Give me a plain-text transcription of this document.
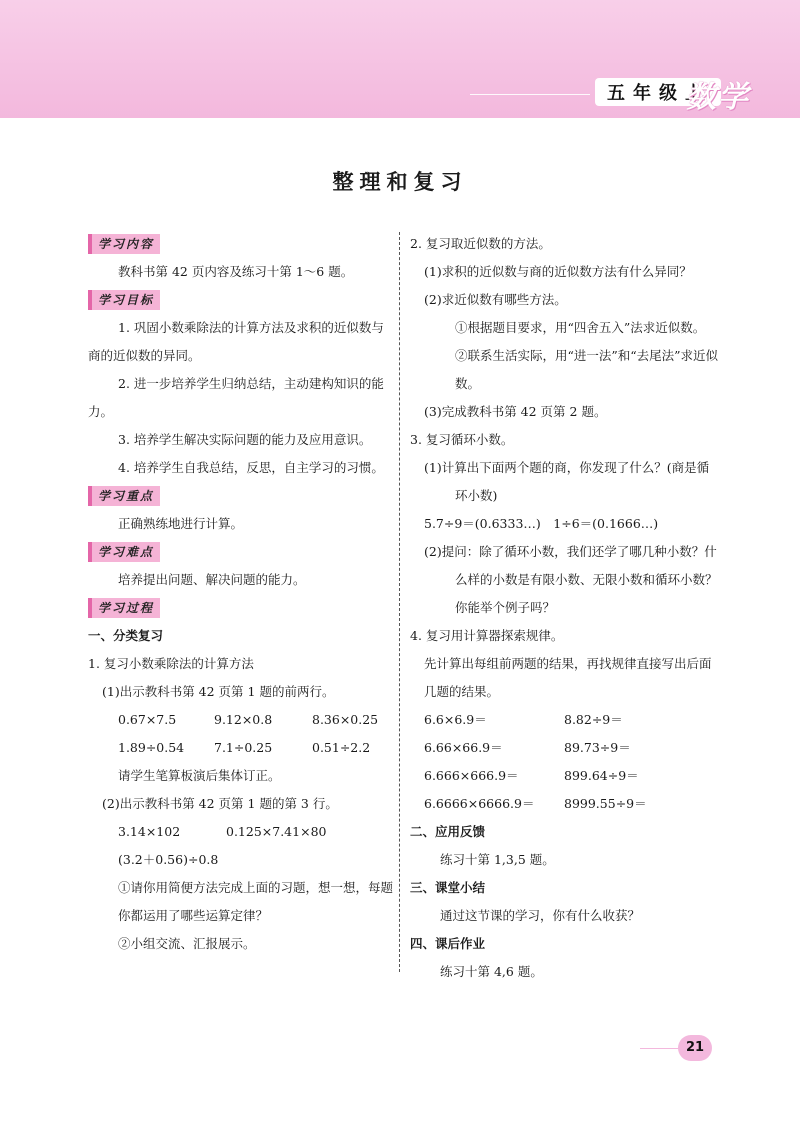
五年级上
数学
整理和复习
学习内容
教科书第 42 页内容及练习十第 1～6 题。
学习目标
1. 巩固小数乘除法的计算方法及求积的近似数与
商的近似数的异同。
2. 进一步培养学生归纳总结，主动建构知识的能
力。
3. 培养学生解决实际问题的能力及应用意识。
4. 培养学生自我总结，反思，自主学习的习惯。
学习重点
正确熟练地进行计算。
学习难点
培养提出问题、解决问题的能力。
学习过程
一、分类复习
1. 复习小数乘除法的计算方法
(1)出示教科书第 42 页第 1 题的前两行。
0.67×7.5	9.12×0.8	8.36×0.25
1.89÷0.54	7.1÷0.25	0.51÷2.2
请学生笔算板演后集体订正。
(2)出示教科书第 42 页第 1 题的第 3 行。
3.14×102	0.125×7.41×80
(3.2＋0.56)÷0.8
①请你用简便方法完成上面的习题，想一想，每题
你都运用了哪些运算定律？
②小组交流、汇报展示。
2. 复习取近似数的方法。
(1)求积的近似数与商的近似数方法有什么异同？
(2)求近似数有哪些方法。
①根据题目要求，用“四舍五入”法求近似数。
②联系生活实际，用“进一法”和“去尾法”求近似
数。
(3)完成教科书第 42 页第 2 题。
3. 复习循环小数。
(1)计算出下面两个题的商，你发现了什么？(商是循
环小数)
5.7÷9＝(0.6333…)　1÷6＝(0.1666…)
(2)提问：除了循环小数，我们还学了哪几种小数？什
么样的小数是有限小数、无限小数和循环小数？
你能举个例子吗？
4. 复习用计算器探索规律。
先计算出每组前两题的结果，再找规律直接写出后面
几题的结果。
6.6×6.9＝	8.82÷9＝
6.66×66.9＝	89.73÷9＝
6.666×666.9＝	899.64÷9＝
6.6666×6666.9＝	8999.55÷9＝
二、应用反馈
练习十第 1,3,5 题。
三、课堂小结
通过这节课的学习，你有什么收获？
四、课后作业
练习十第 4,6 题。
21
